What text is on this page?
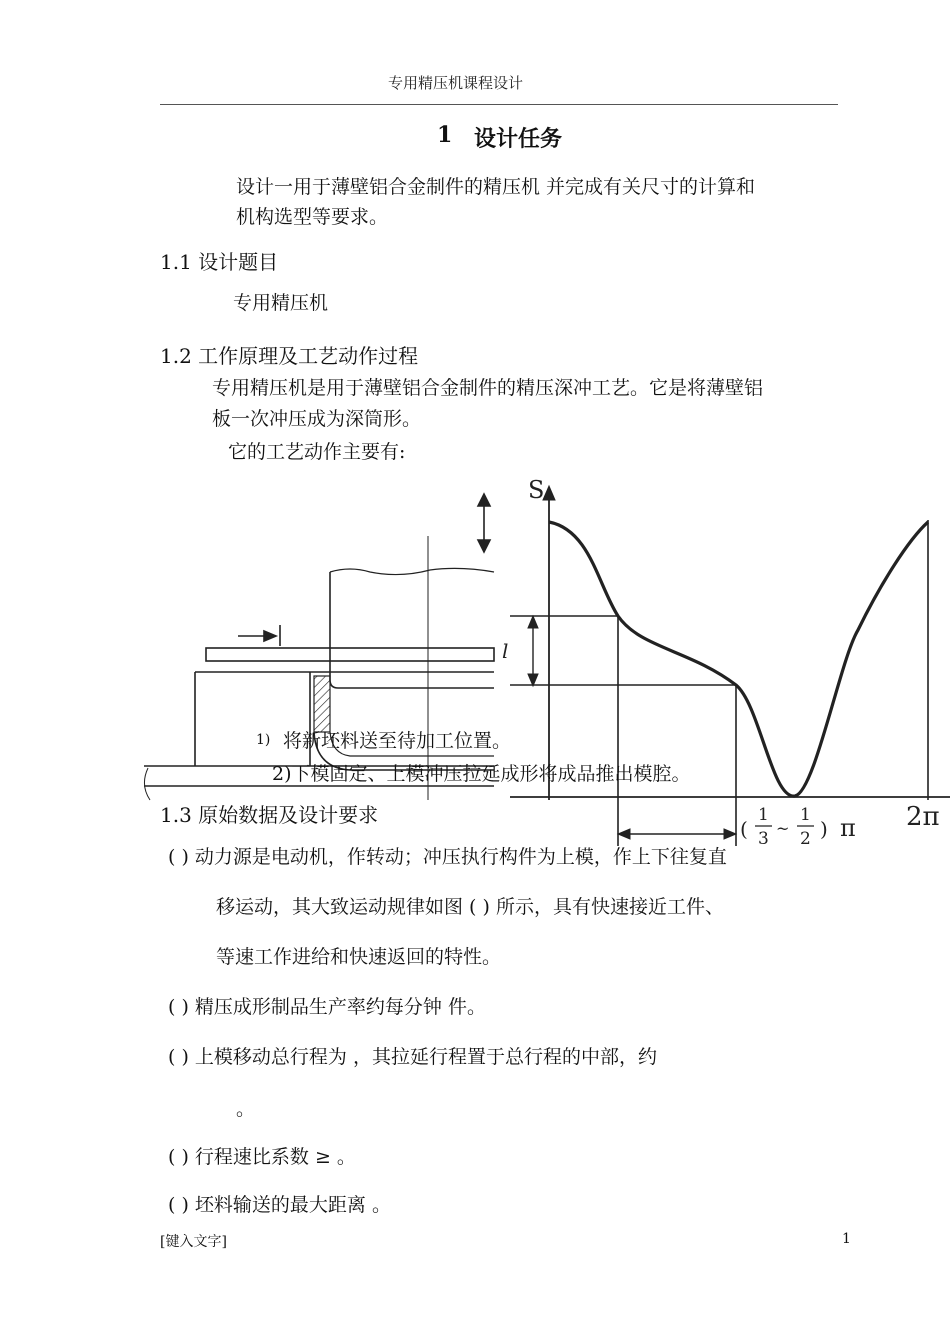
专用精压机课程设计
1 设计任务
设计一用于薄壁铝合金制件的精压机 并完成有关尺寸的计算和
机构选型等要求。
1.1 设计题目
专用精压机
1.2 工作原理及工艺动作过程
专用精压机是用于薄壁铝合金制件的精压深冲工艺。它是将薄壁铝
板一次冲压成为深筒形。
它的工艺动作主要有:
S
l
2π
(
1
3
~
1
2 ) π
1) 将新坯料送至待加工位置。
2)下模固定、上模冲压拉延成形将成品推出模腔。
1.3 原始数据及设计要求
( ) 动力源是电动机，作转动；冲压执行构件为上模，作上下往复直
移运动，其大致运动规律如图 ( ) 所示，具有快速接近工件、
等速工作进给和快速返回的特性。
( ) 精压成形制品生产率约每分钟 件。
( ) 上模移动总行程为 ，其拉延行程置于总行程的中部，约
。
( ) 行程速比系数 ≥ 。
( ) 坯料输送的最大距离 。
[键入文字]	1
